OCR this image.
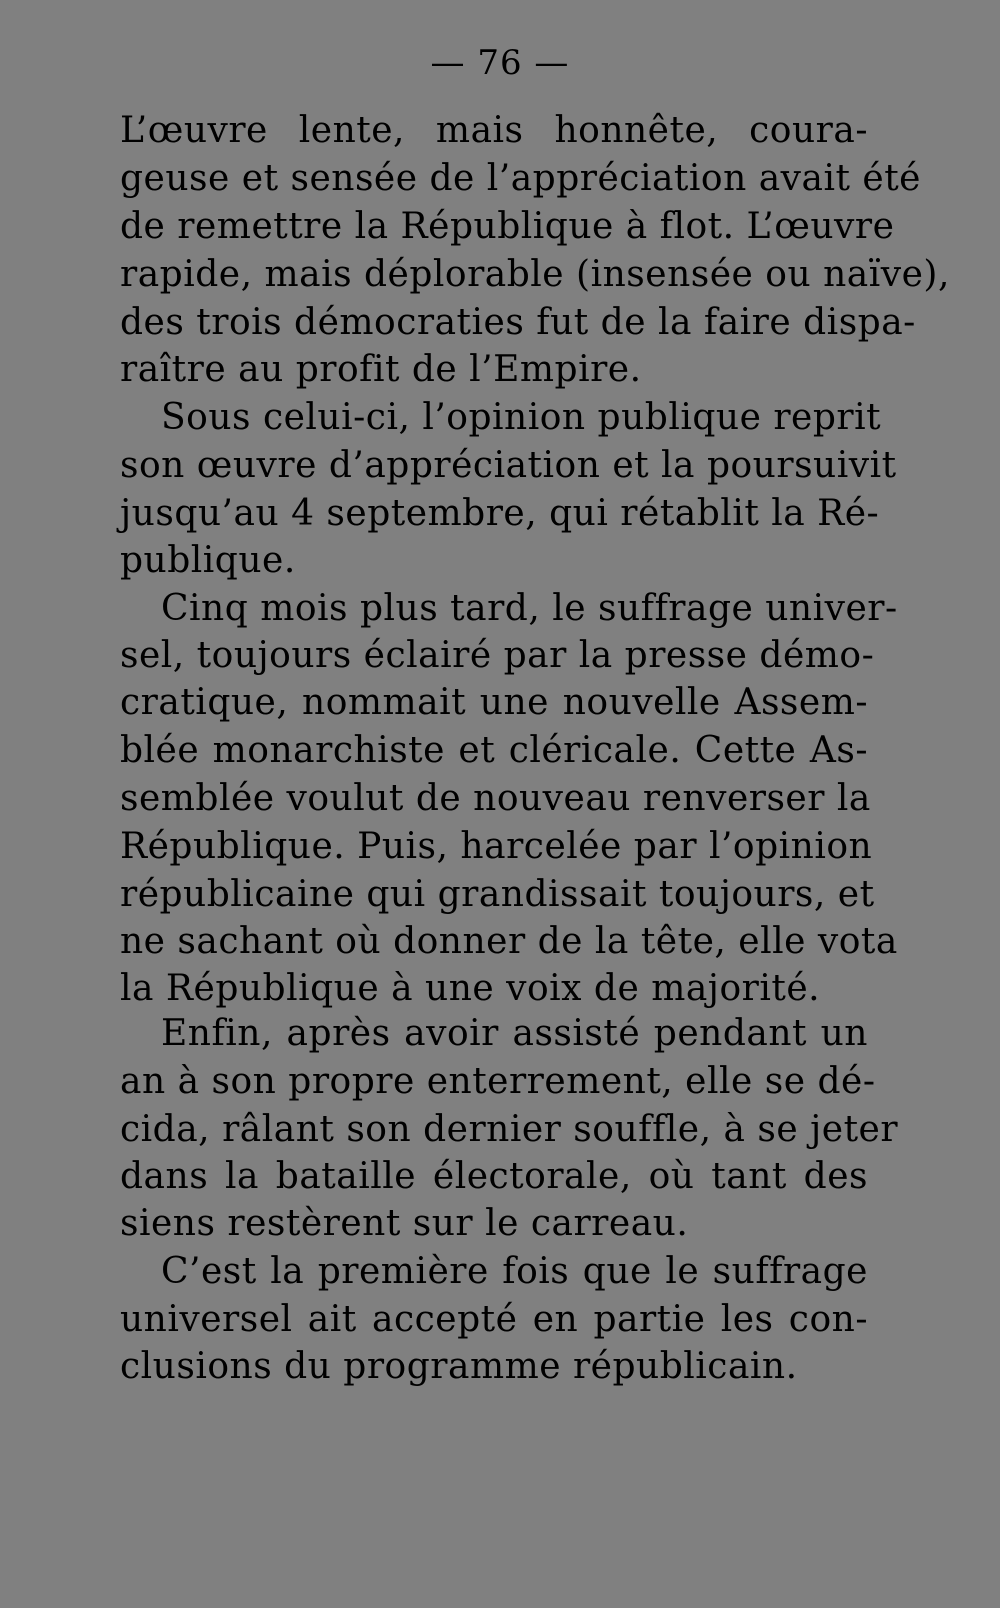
— 76 —
L’œuvre lente, mais honnête, coura-
geuse et sensée de l’appréciation avait été
de remettre la République à flot. L’œuvre
rapide, mais déplorable (insensée ou naïve),
des trois démocraties fut de la faire dispa-
raître au profit de l’Empire.
Sous celui-ci, l’opinion publique reprit
son œuvre d’appréciation et la poursuivit
jusqu’au 4 septembre, qui rétablit la Ré-
publique.
Cinq mois plus tard, le suffrage univer-
sel, toujours éclairé par la presse démo-
cratique, nommait une nouvelle Assem-
blée monarchiste et cléricale. Cette As-
semblée voulut de nouveau renverser la
République. Puis, harcelée par l’opinion
républicaine qui grandissait toujours, et
ne sachant où donner de la tête, elle vota
la République à une voix de majorité.
Enfin, après avoir assisté pendant un
an à son propre enterrement, elle se dé-
cida, râlant son dernier souffle, à se jeter
dans la bataille électorale, où tant des
siens restèrent sur le carreau.
C’est la première fois que le suffrage
universel ait accepté en partie les con-
clusions du programme républicain.
